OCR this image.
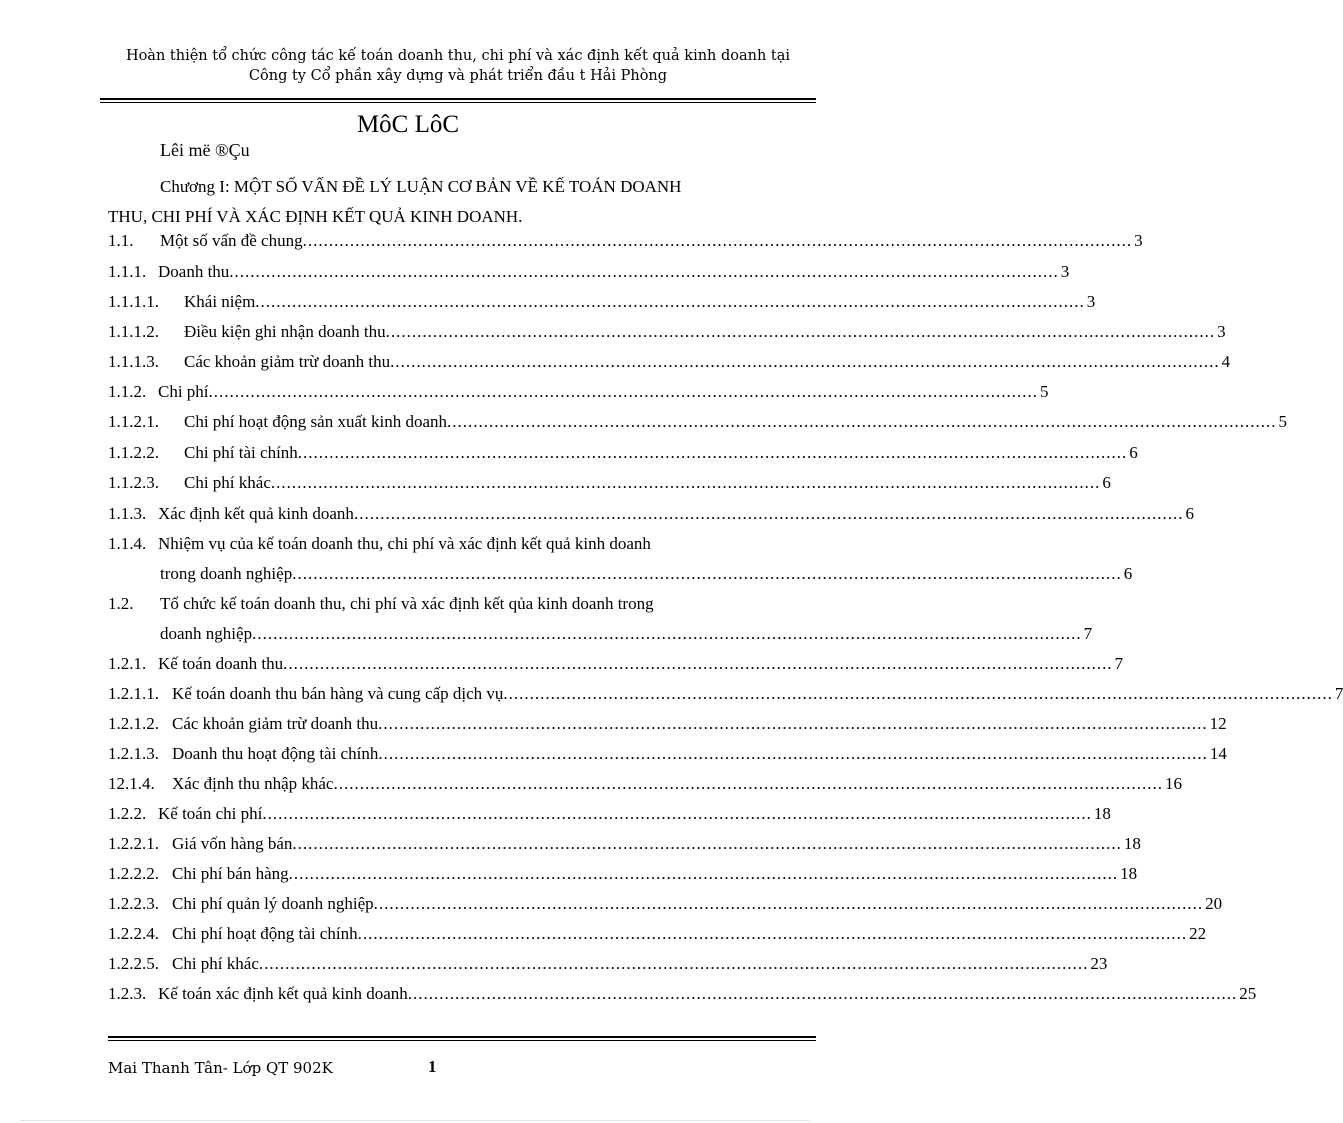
Hoàn thiện tổ chức công tác kế toán doanh thu, chi phí và xác định kết quả kinh doanh tại
Công ty Cổ phần xây dựng và phát triển đầu t Hải Phòng
MôC LôC
Lêi më ®Çu
Chương I: MỘT SỐ VẤN ĐỀ LÝ LUẬN CƠ BẢN VỀ KẾ TOÁN DOANH
THU, CHI PHÍ VÀ XÁC ĐỊNH KẾT QUẢ KINH DOANH.
1.1.	Một số vấn đề chung .............................................................................................................................................................. 3
1.1.1. Doanh thu .............................................................................................................................................................. 3
1.1.1.1.	Khái niệm .............................................................................................................................................................. 3
1.1.1.2.	Điều kiện ghi nhận doanh thu .............................................................................................................................................................. 3
1.1.1.3.	Các khoản giảm trừ doanh thu .............................................................................................................................................................. 4
1.1.2. Chi phí .............................................................................................................................................................. 5
1.1.2.1.	Chi phí hoạt động sản xuất kinh doanh .............................................................................................................................................................. 5
1.1.2.2.	Chi phí tài chính .............................................................................................................................................................. 6
1.1.2.3.	Chi phí khác .............................................................................................................................................................. 6
1.1.3. Xác định kết quả kinh doanh .............................................................................................................................................................. 6
1.1.4. Nhiệm vụ của kế toán doanh thu, chi phí và xác định kết quả kinh doanh
trong doanh nghiệp .............................................................................................................................................................. 6
1.2.	Tổ chức kế toán doanh thu, chi phí và xác định kết qủa kinh doanh trong
doanh nghiệp .............................................................................................................................................................. 7
1.2.1. Kế toán doanh thu .............................................................................................................................................................. 7
1.2.1.1. Kế toán doanh thu bán hàng và cung cấp dịch vụ .............................................................................................................................................................. 7
1.2.1.2. Các khoản giảm trừ doanh thu .............................................................................................................................................................. 12
1.2.1.3. Doanh thu hoạt động tài chính .............................................................................................................................................................. 14
12.1.4.	Xác định thu nhập khác .............................................................................................................................................................. 16
1.2.2. Kế toán chi phí .............................................................................................................................................................. 18
1.2.2.1. Giá vốn hàng bán .............................................................................................................................................................. 18
1.2.2.2. Chi phí bán hàng .............................................................................................................................................................. 18
1.2.2.3. Chi phí quản lý doanh nghiệp .............................................................................................................................................................. 20
1.2.2.4. Chi phí hoạt động tài chính .............................................................................................................................................................. 22
1.2.2.5. Chi phí khác .............................................................................................................................................................. 23
1.2.3. Kế toán xác định kết quả kinh doanh .............................................................................................................................................................. 25
Mai Thanh Tân- Lớp QT 902K	1
